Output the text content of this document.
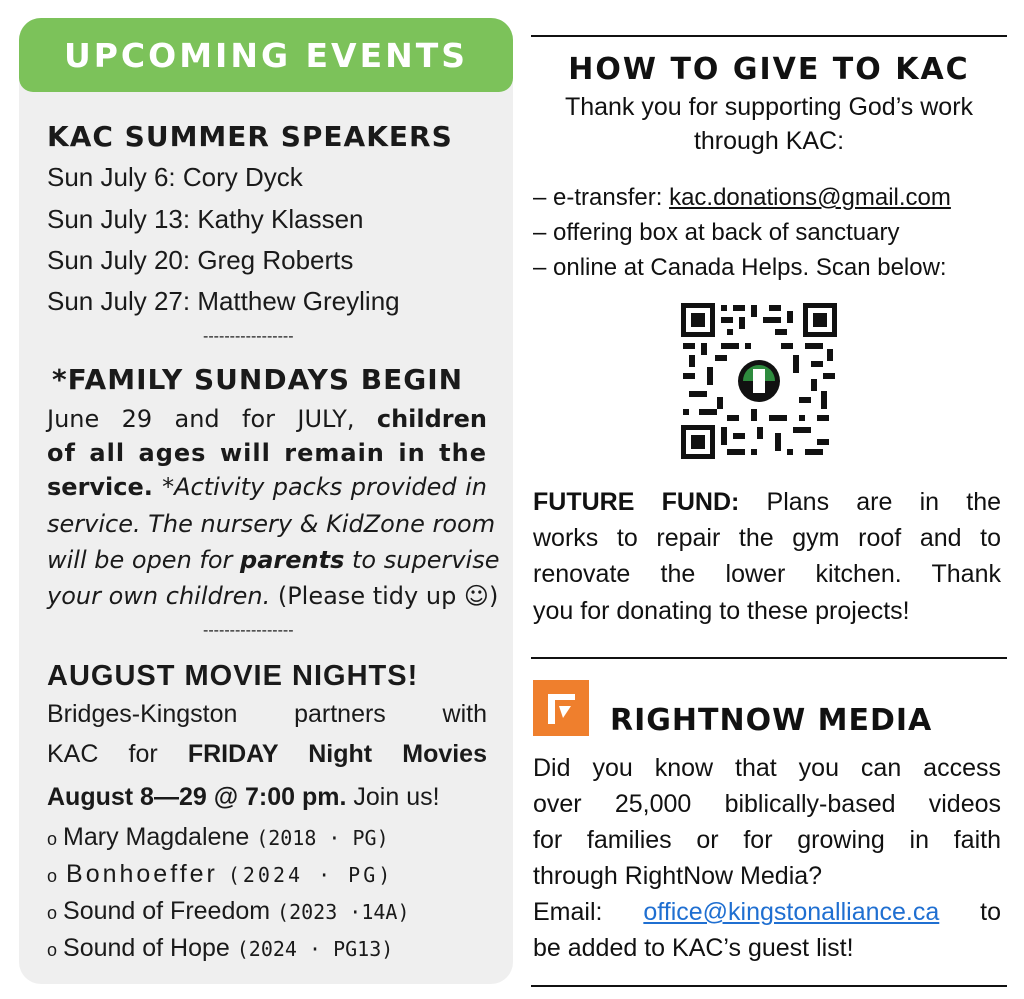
UPCOMING EVENTS
KAC SUMMER SPEAKERS
Sun July 6: Cory Dyck
Sun July 13: Kathy Klassen
Sun July 20: Greg Roberts
Sun July 27: Matthew Greyling
-----------------
*FAMILY SUNDAYS BEGIN
June 29 and for JULY, children
of all ages will remain in the
service. *Activity packs provided in
service. The nursery & KidZone room
will be open for parents to supervise
your own children. (Please tidy up ☺)
-----------------
AUGUST MOVIE NIGHTS!
Bridges-Kingston partners with
KAC for FRIDAY Night Movies
August 8—29 @ 7:00 pm. Join us!
o Mary Magdalene (2018 · PG)
o Bonhoeffer (2024 · PG)
o Sound of Freedom (2023 ·14A)
o Sound of Hope (2024 · PG13)
HOW TO GIVE TO KAC
Thank you for supporting God’s work
through KAC:
– e-transfer: kac.donations@gmail.com
– offering box at back of sanctuary
– online at Canada Helps. Scan below:
FUTURE FUND: Plans are in the
works to repair the gym roof and to
renovate the lower kitchen. Thank
you for donating to these projects!
RIGHTNOW MEDIA
Did you know that you can access
over 25,000 biblically-based videos
for families or for growing in faith
through RightNow Media?
Email: office@kingstonalliance.ca to
be added to KAC’s guest list!
